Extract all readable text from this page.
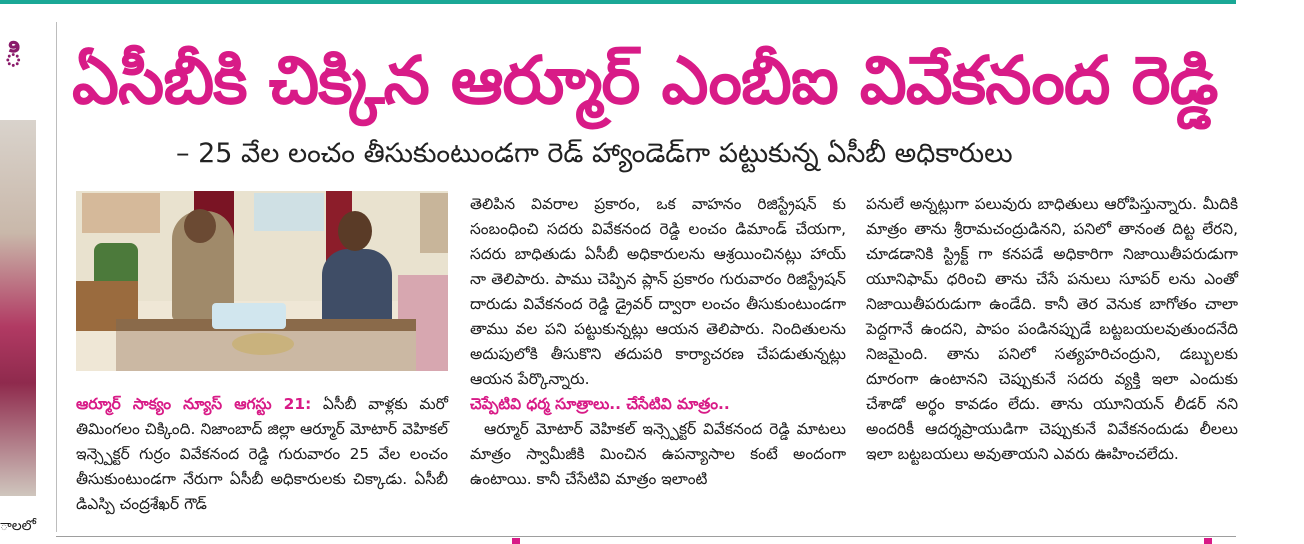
ి
ాలలో
ఏసీబీకి చిక్కిన ఆర్మూర్ ఎంబీఐ వివేకనంద రెడ్డి
– 25 వేల లంచం తీసుకుంటుండగా రెడ్ హ్యాండెడ్‌గా పట్టుకున్న ఏసీబీ అధికారులు

ఆర్మూర్ సాక్యం న్యూస్ ఆగస్టు 21: ఏసీబీ వాళ్లకు మరో తిమింగలం చిక్కింది. నిజాంబాద్ జిల్లా ఆర్మూర్ మోటార్ వెహికల్ ఇన్స్పెక్టర్ గుర్రం వివేకనంద రెడ్డి గురువారం 25 వేల లంచం తీసుకుంటుండగా నేరుగా ఏసీబీ అధికారులకు చిక్కాడు. ఏసీబీ డిఎస్పి చంద్రశేఖర్ గౌడ్

తెలిపిన వివరాల ప్రకారం, ఒక వాహనం రిజిస్ట్రేషన్ కు సంబంధించి సదరు వివేకనంద రెడ్డి లంచం డిమాండ్ చేయగా, సదరు బాధితుడు ఏసీబీ అధికారులను ఆశ్రయించినట్లు హాయ్ నా తెలిపారు. పాము చెప్పిన ప్లాన్ ప్రకారం గురువారం రిజిస్ట్రేషన్ దారుడు వివేకనంద రెడ్డి డ్రైవర్ ద్వారా లంచం తీసుకుంటుండగా తాము వల పని పట్టుకున్నట్లు ఆయన తెలిపారు. నిందితులను అదుపులోకి తీసుకొని తదుపరి కార్యాచరణ చేపడుతున్నట్లు ఆయన పేర్కొన్నారు.

చెప్పేటివి ధర్మ సూత్రాలు.. చేసేటివి మాత్రం..

ఆర్మూర్ మోటార్ వెహికల్ ఇన్స్పెక్టర్ వివేకనంద రెడ్డి మాటలు మాత్రం స్వామీజీకి మించిన ఉపన్యాసాల కంటే అందంగా ఉంటాయి. కానీ చేసేటివి మాత్రం ఇలాంటి

పనులే అన్నట్లుగా పలువురు బాధితులు ఆరోపిస్తున్నారు. మీదికి మాత్రం తాను శ్రీరామచంద్రుడినని, పనిలో తానంత దిట్ట లేరని, చూడడానికి స్ట్రిక్ట్ గా కనపడే అధికారిగా నిజాయితీపరుడుగా యూనిఫామ్ ధరించి తాను చేసే పనులు సూపర్ లను ఎంతో నిజాయితీపరుడుగా ఉండేది. కానీ తెర వెనుక బాగోతం చాలా పెద్దగానే ఉందని, పాపం పండినప్పుడే బట్టబయలవుతుందనేది నిజమైంది. తాను పనిలో సత్యహరిచంద్రుని, డబ్బులకు దూరంగా ఉంటానని చెప్పుకునే సదరు వ్యక్తి ఇలా ఎందుకు చేశాడో అర్థం కావడం లేదు. తాను యూనియన్ లీడర్ నని అందరికీ ఆదర్శప్రాయుడిగా చెప్పుకునే వివేకనందుడు లీలలు ఇలా బట్టబయలు అవుతాయని ఎవరు ఊహించలేదు.
